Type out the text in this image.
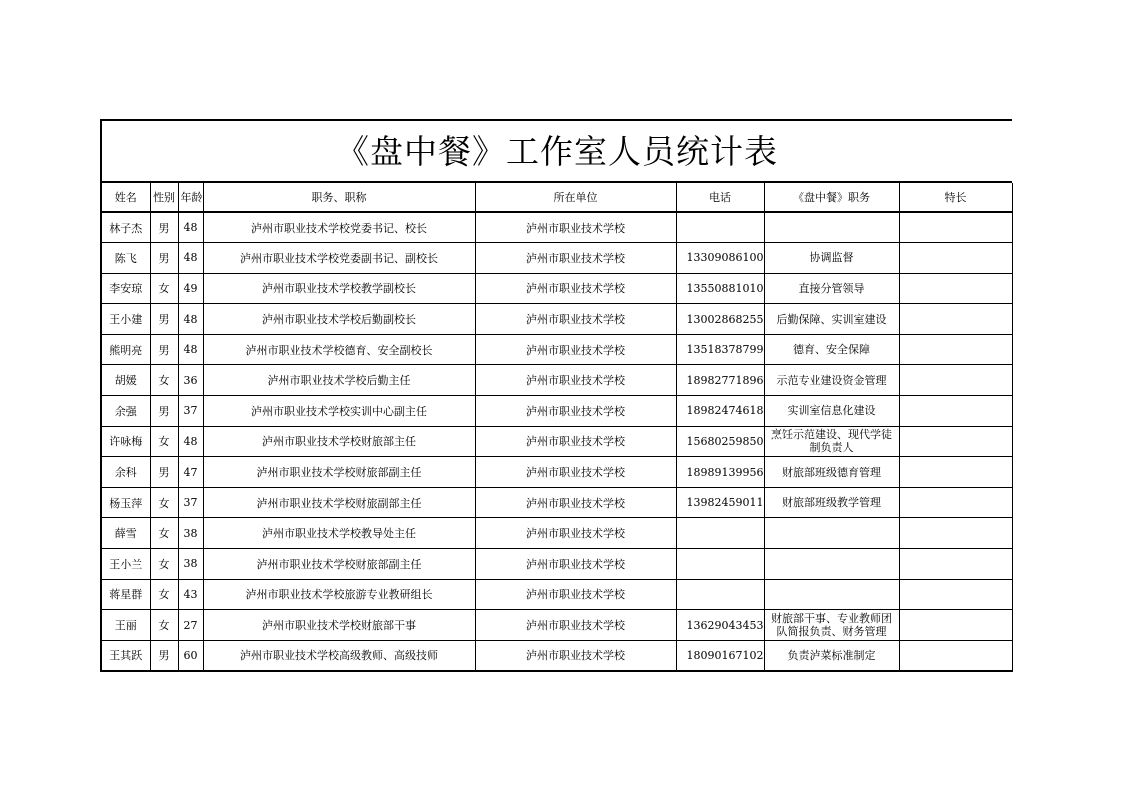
《盘中餐》工作室人员统计表
姓名	性别	年龄	职务、职称	所在单位	电话	《盘中餐》职务	特长
林子杰	男	48	泸州市职业技术学校党委书记、校长	泸州市职业技术学校			
陈飞	男	48	泸州市职业技术学校党委副书记、副校长	泸州市职业技术学校	13309086100	协调监督	
李安琼	女	49	泸州市职业技术学校教学副校长	泸州市职业技术学校	13550881010	直接分管领导	
王小建	男	48	泸州市职业技术学校后勤副校长	泸州市职业技术学校	13002868255	后勤保障、实训室建设	
熊明亮	男	48	泸州市职业技术学校德育、安全副校长	泸州市职业技术学校	13518378799	德育、安全保障	
胡媛	女	36	泸州市职业技术学校后勤主任	泸州市职业技术学校	18982771896	示范专业建设资金管理	
余强	男	37	泸州市职业技术学校实训中心副主任	泸州市职业技术学校	18982474618	实训室信息化建设	
许咏梅	女	48	泸州市职业技术学校财旅部主任	泸州市职业技术学校	15680259850	烹饪示范建设、现代学徒制负责人	
余科	男	47	泸州市职业技术学校财旅部副主任	泸州市职业技术学校	18989139956	财旅部班级德育管理	
杨玉萍	女	37	泸州市职业技术学校财旅副部主任	泸州市职业技术学校	13982459011	财旅部班级教学管理	
薛雪	女	38	泸州市职业技术学校教导处主任	泸州市职业技术学校			
王小兰	女	38	泸州市职业技术学校财旅部副主任	泸州市职业技术学校			
蒋星群	女	43	泸州市职业技术学校旅游专业教研组长	泸州市职业技术学校			
王丽	女	27	泸州市职业技术学校财旅部干事	泸州市职业技术学校	13629043453	财旅部干事、专业教师团队简报负责、财务管理	
王其跃	男	60	泸州市职业技术学校高级教师、高级技师	泸州市职业技术学校	18090167102	负责泸菜标准制定	
